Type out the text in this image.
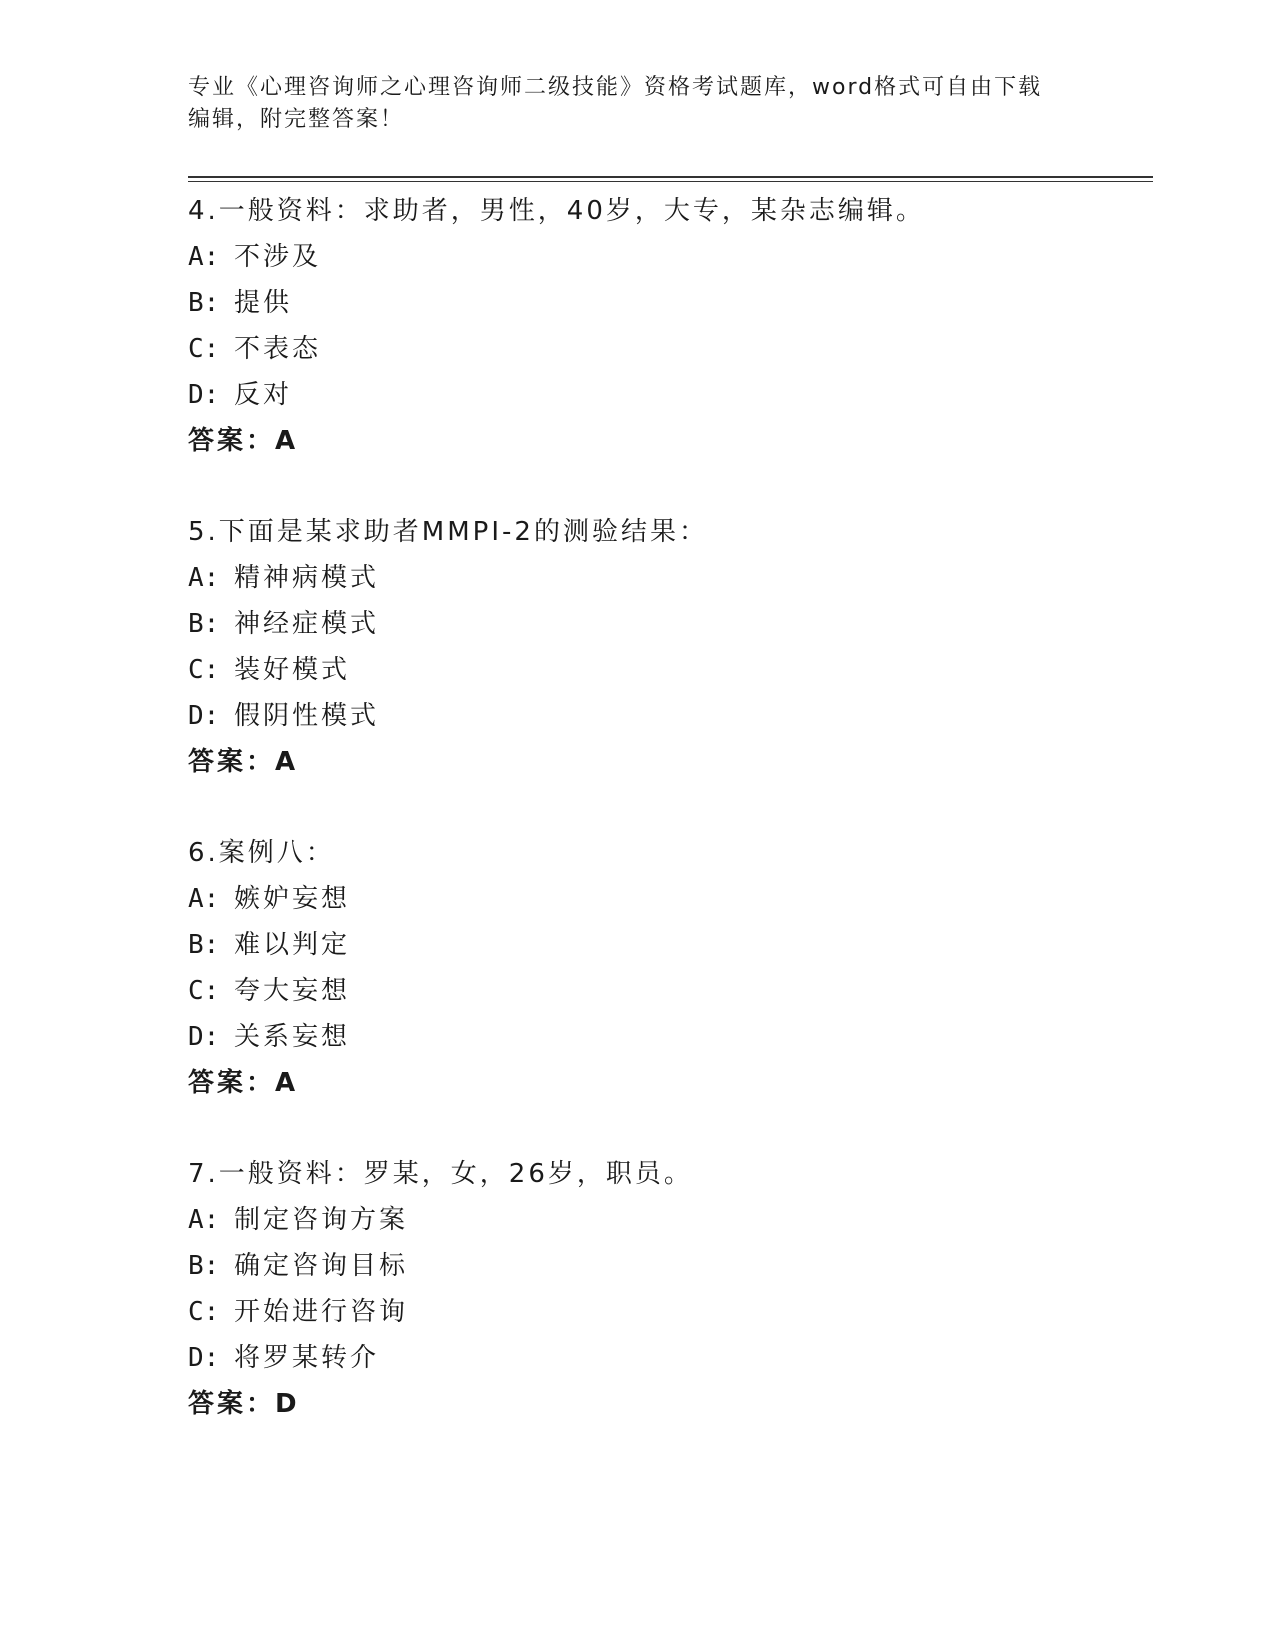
专业《心理咨询师之心理咨询师二级技能》资格考试题库，word格式可自由下载
编辑，附完整答案！
4.一般资料：求助者，男性，40岁，大专，某杂志编辑。
A: 不涉及
B: 提供
C: 不表态
D: 反对
答案：A
5.下面是某求助者MMPI-2的测验结果：
A: 精神病模式
B: 神经症模式
C: 装好模式
D: 假阴性模式
答案：A
6.案例八：
A: 嫉妒妄想
B: 难以判定
C: 夸大妄想
D: 关系妄想
答案：A
7.一般资料：罗某，女，26岁，职员。
A: 制定咨询方案
B: 确定咨询目标
C: 开始进行咨询
D: 将罗某转介
答案：D
